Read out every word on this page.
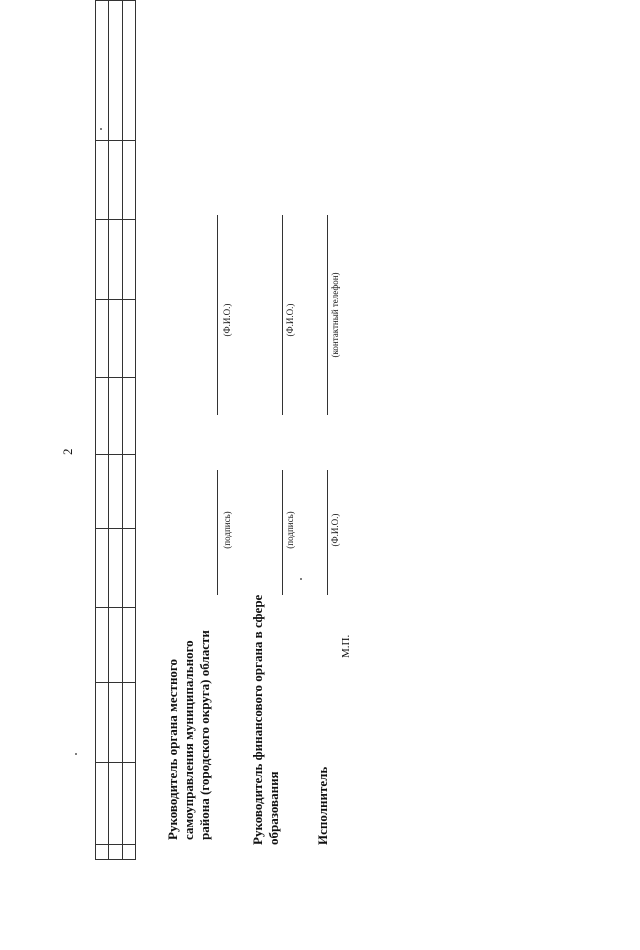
2

Руководитель органа местного самоуправления муниципального района (городского округа) области
(подпись)
(Ф.И.О.)
Руководитель финансового органа в сфере образования
(подпись)
(Ф.И.О.)
Исполнитель
(Ф.И.О.)
(контактный телефон)
М.П.
